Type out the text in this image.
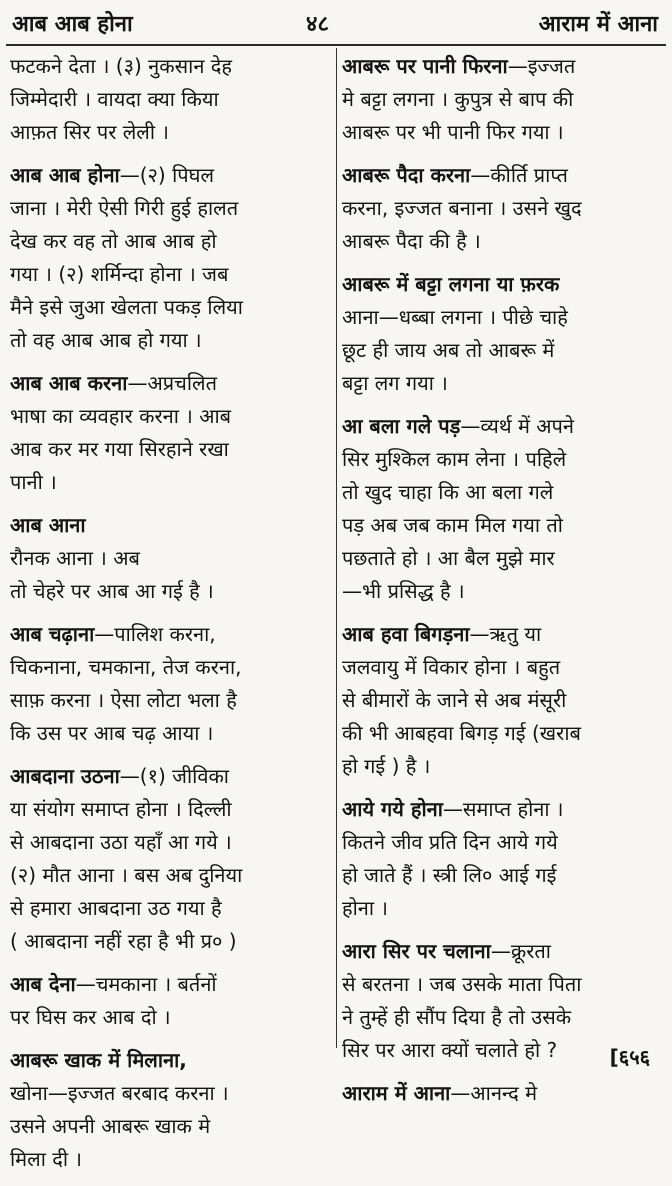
आब आब होना	४८	आराम में आना
फटकने देता । (३) नुकसान देह
जिम्मेदारी । वायदा क्या किया
आफ़त सिर पर लेली ।
आब आब होना—(२) पिघल
जाना । मेरी ऐसी गिरी हुई हालत
देख कर वह तो आब आब हो
गया । (२) शर्मिन्दा होना । जब
मैने इसे जुआ खेलता पकड़ लिया
तो वह आब आब हो गया ।
आब आब करना—अप्रचलित
भाषा का व्यवहार करना । आब
आब कर मर गया सिरहाने रखा
पानी ।
आब आना
रौनक आना । अब
तो चेहरे पर आब आ गई है ।
आब चढ़ाना—पालिश करना,
चिकनाना, चमकाना, तेज करना,
साफ़ करना । ऐसा लोटा भला है
कि उस पर आब चढ़ आया ।
आबदाना उठना—(१) जीविका
या संयोग समाप्त होना । दिल्ली
से आबदाना उठा यहाँ आ गये ।
(२) मौत आना । बस अब दुनिया
से हमारा आबदाना उठ गया है
( आबदाना नहीं रहा है भी प्र० )
आब देना—चमकाना । बर्तनों
पर घिस कर आब दो ।
आबरू खाक में मिलाना,
खोना—इज्जत बरबाद करना ।
उसने अपनी आबरू खाक मे
मिला दी ।
आबरू पर पानी फिरना—इज्जत
मे बट्टा लगना । कुपुत्र से बाप की
आबरू पर भी पानी फिर गया ।
आबरू पैदा करना—कीर्ति प्राप्त
करना, इज्जत बनाना । उसने खुद
आबरू पैदा की है ।
आबरू में बट्टा लगना या फ़रक
आना—धब्बा लगना । पीछे चाहे
छूट ही जाय अब तो आबरू में
बट्टा लग गया ।
आ बला गले पड़—व्यर्थ में अपने
सिर मुश्किल काम लेना । पहिले
तो खुद चाहा कि आ बला गले
पड़ अब जब काम मिल गया तो
पछताते हो । आ बैल मुझे मार
—भी प्रसिद्ध है ।
आब हवा बिगड़ना—ऋतु या
जलवायु में विकार होना । बहुत
से बीमारों के जाने से अब मंसूरी
की भी आबहवा बिगड़ गई (खराब
हो गई ) है ।
आये गये होना—समाप्त होना ।
कितने जीव प्रति दिन आये गये
हो जाते हैं । स्त्री लि० आई गई
होना ।
आरा सिर पर चलाना—क्रूरता
से बरतना । जब उसके माता पिता
ने तुम्हें ही सौंप दिया है तो उसके
सिर पर आरा क्यों चलाते हो ?
आराम में आना—आनन्द मे
[६५६
